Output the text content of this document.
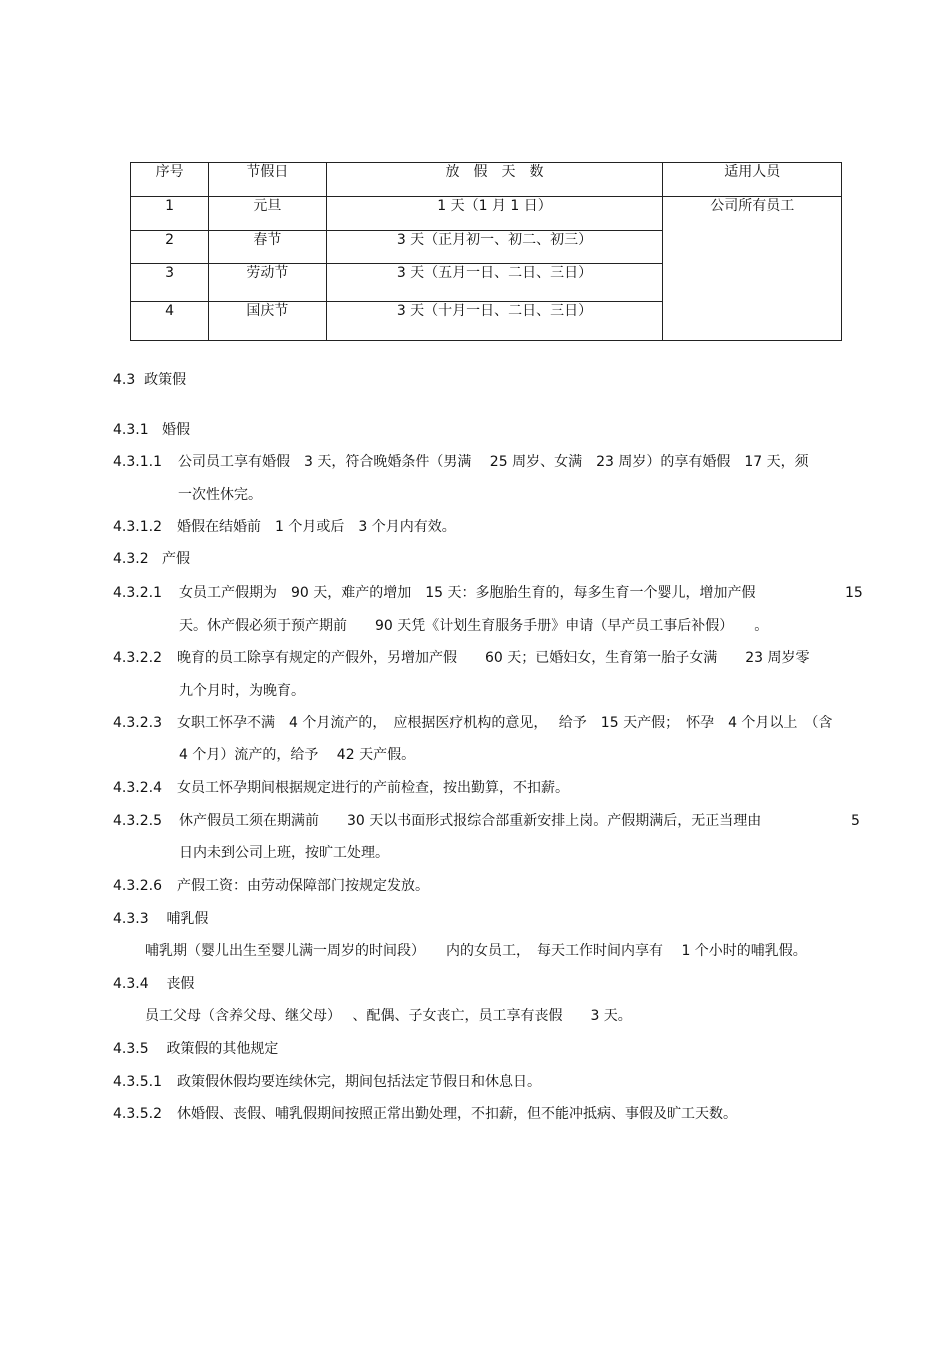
序号	节假日	放　假　天　数	适用人员
1	元旦	1 天（1 月 1 日）	公司所有员工
2	春节	3 天（正月初一、初二、初三）	
3	劳动节	3 天（五月一日、二日、三日）	
4	国庆节	3 天（十月一日、二日、三日）	
4.3 政策假
4.3.1 婚假
4.3.1.1 公司员工享有婚假　3 天，符合晚婚条件（男满　 25 周岁、女满　23 周岁）的享有婚假　17 天，须
一次性休完。
4.3.1.2 婚假在结婚前　1 个月或后　3 个月内有效。
4.3.2 产假
4.3.2.1 女员工产假期为　90 天，难产的增加　15 天：多胞胎生育的，每多生育一个婴儿，增加产假	15
天。休产假必须于预产期前　　90 天凭《计划生育服务手册》申请（早产员工事后补假）　　。
4.3.2.2 晚育的员工除享有规定的产假外，另增加产假　　60 天；已婚妇女，生育第一胎子女满　　23 周岁零
九个月时，为晚育。
4.3.2.3 女职工怀孕不满　4 个月流产的，　应根据医疗机构的意见，　 给予　15 天产假；　怀孕　4 个月以上　（含
4 个月）流产的，给予　 42 天产假。
4.3.2.4 女员工怀孕期间根据规定进行的产前检查，按出勤算，不扣薪。
4.3.2.5 休产假员工须在期满前　　30 天以书面形式报综合部重新安排上岗。产假期满后，无正当理由	5
日内未到公司上班，按旷工处理。
4.3.2.6 产假工资：由劳动保障部门按规定发放。
4.3.3 哺乳假
哺乳期（婴儿出生至婴儿满一周岁的时间段）　　内的女员工，　每天工作时间内享有　 1 个小时的哺乳假。
4.3.4 丧假
员工父母（含养父母、继父母）　 、配偶、子女丧亡，员工享有丧假　　3 天。
4.3.5 政策假的其他规定
4.3.5.1 政策假休假均要连续休完，期间包括法定节假日和休息日。
4.3.5.2 休婚假、丧假、哺乳假期间按照正常出勤处理，不扣薪，但不能冲抵病、事假及旷工天数。
